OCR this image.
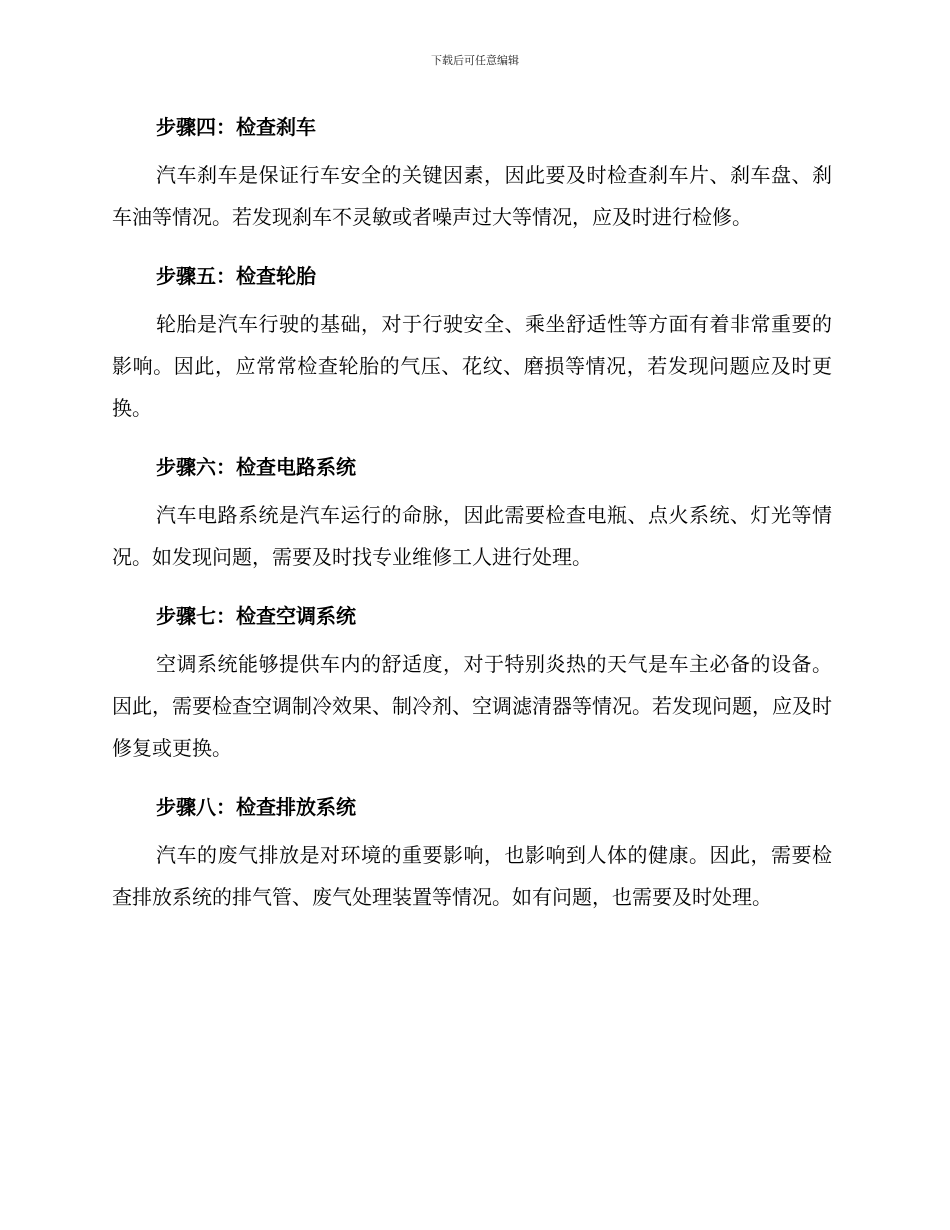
下载后可任意编辑
步骤四：检查刹车

汽车刹车是保证行车安全的关键因素，因此要及时检查刹车片、刹车盘、刹车油等情况。若发现刹车不灵敏或者噪声过大等情况，应及时进行检修。

步骤五：检查轮胎

轮胎是汽车行驶的基础，对于行驶安全、乘坐舒适性等方面有着非常重要的影响。因此，应常常检查轮胎的气压、花纹、磨损等情况，若发现问题应及时更换。

步骤六：检查电路系统

汽车电路系统是汽车运行的命脉，因此需要检查电瓶、点火系统、灯光等情况。如发现问题，需要及时找专业维修工人进行处理。

步骤七：检查空调系统

空调系统能够提供车内的舒适度，对于特别炎热的天气是车主必备的设备。因此，需要检查空调制冷效果、制冷剂、空调滤清器等情况。若发现问题，应及时修复或更换。

步骤八：检查排放系统

汽车的废气排放是对环境的重要影响，也影响到人体的健康。因此，需要检查排放系统的排气管、废气处理装置等情况。如有问题，也需要及时处理。
